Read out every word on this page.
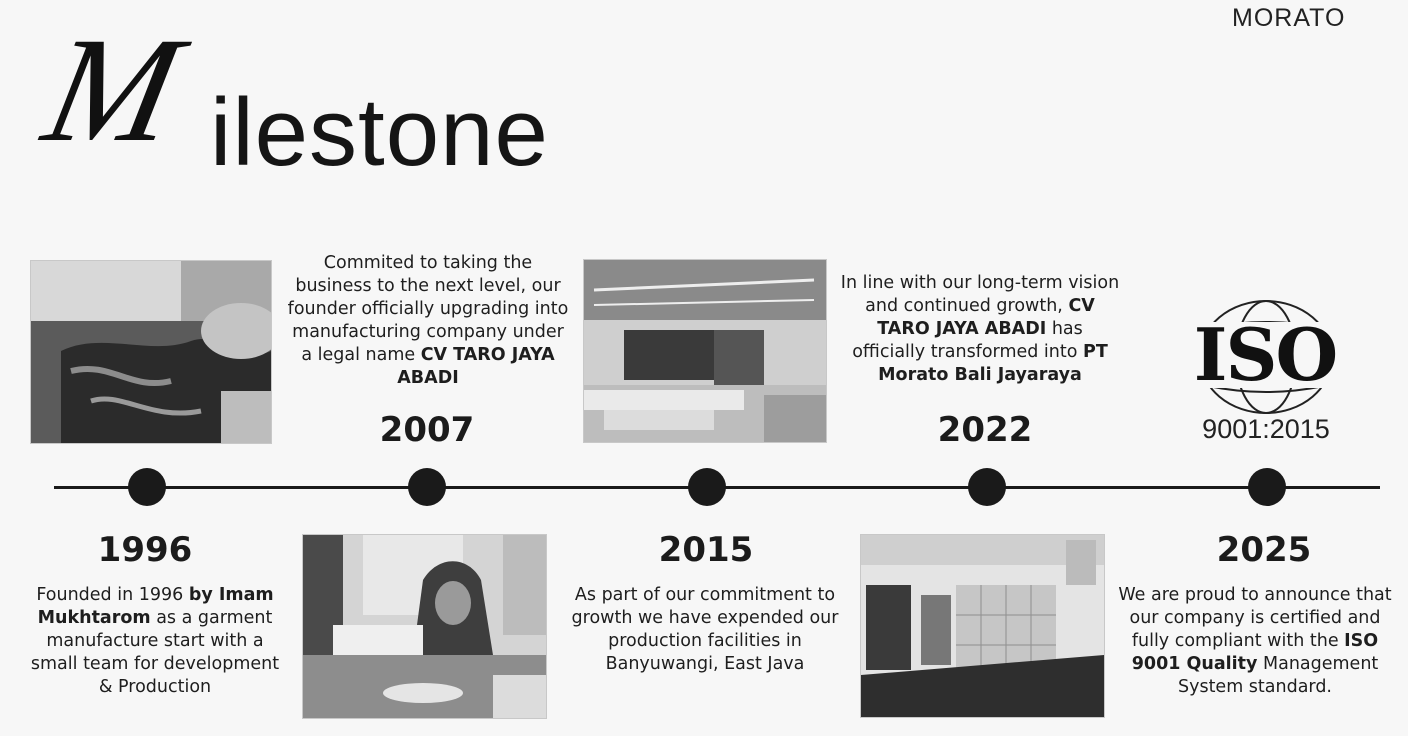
MORATO
M ilestone
ISO
9001:2015
Commited to taking the business to the next level, our founder officially upgrading into manufacturing company under a legal name CV TARO JAYA ABADI
2007
In line with our long-term vision and continued growth, CV TARO JAYA ABADI has officially transformed into PT Morato Bali Jayaraya
2022
1996
Founded in 1996 by Imam Mukhtarom as a garment manufacture start with a small team for development & Production
2015
As part of our commitment to growth we have expended our production facilities in Banyuwangi, East Java
2025
We are proud to announce that our company is certified and fully compliant with the ISO 9001 Quality Management System standard.
